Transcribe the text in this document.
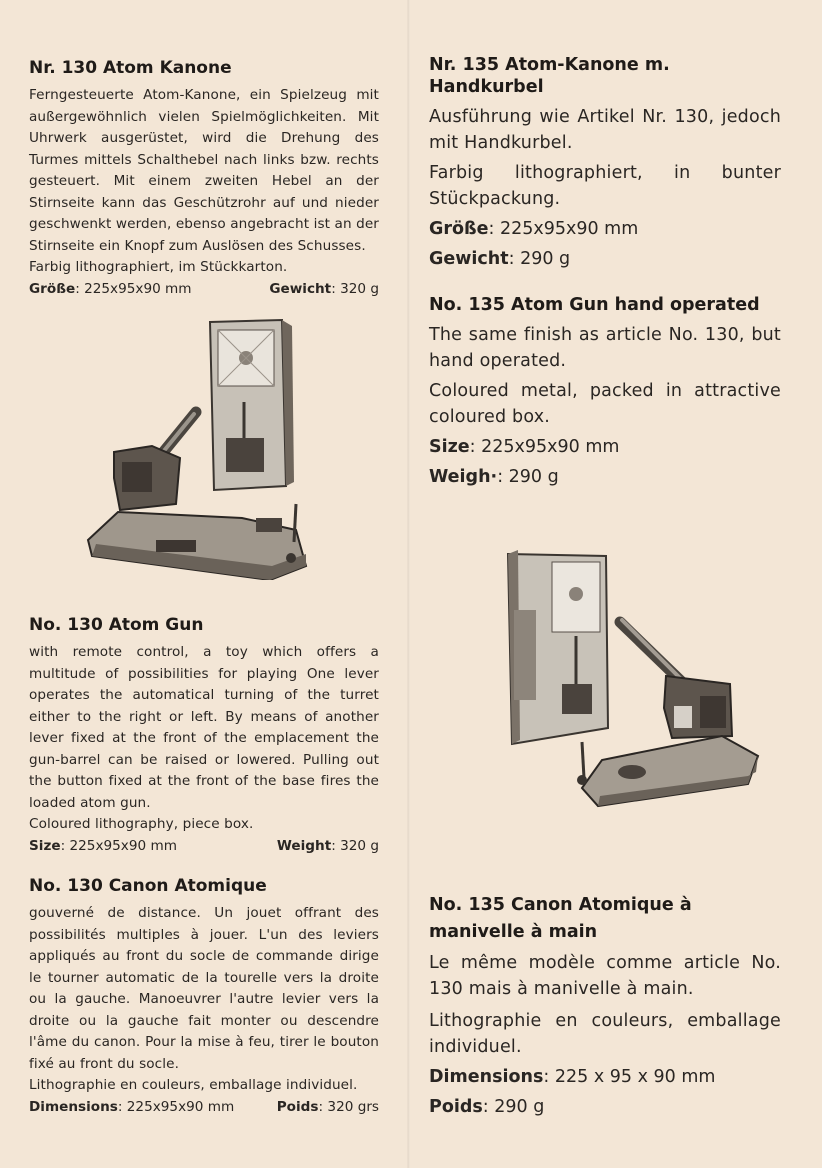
Nr. 130 Atom Kanone

Ferngesteuerte Atom-Kanone, ein Spielzeug mit außergewöhnlich vielen Spielmöglichkeiten. Mit Uhrwerk ausgerüstet, wird die Drehung des Turmes mittels Schalthebel nach links bzw. rechts gesteuert. Mit einem zweiten Hebel an der Stirnseite kann das Geschützrohr auf und nieder geschwenkt werden, ebenso angebracht ist an der Stirnseite ein Knopf zum Auslösen des Schusses.

Farbig lithographiert, im Stückkarton.

Größe: 225x95x90 mm	Gewicht: 320 g
No. 130 Atom Gun

with remote control, a toy which offers a multitude of possibilities for playing One lever operates the automatical turning of the turret either to the right or left. By means of another lever fixed at the front of the emplacement the gun-barrel can be raised or lowered. Pulling out the button fixed at the front of the base fires the loaded atom gun.

Coloured lithography, piece box.

Size: 225x95x90 mm	Weight: 320 g
No. 130 Canon Atomique

gouverné de distance. Un jouet offrant des possibilités multiples à jouer. L'un des leviers appliqués au front du socle de commande dirige le tourner automatic de la tourelle vers la droite ou la gauche. Manoeuvrer l'autre levier vers la droite ou la gauche fait monter ou descendre l'âme du canon. Pour la mise à feu, tirer le bouton fixé au front du socle.

Lithographie en couleurs, emballage individuel.

Dimensions: 225x95x90 mm	Poids: 320 grs
Nr. 135 Atom-Kanone m. Handkurbel

Ausführung wie Artikel Nr. 130, jedoch mit Handkurbel.

Farbig lithographiert, in bunter Stückpackung.

Größe: 225x95x90 mm

Gewicht: 290 g

No. 135 Atom Gun hand operated

The same finish as article No. 130, but hand operated.

Coloured metal, packed in attractive coloured box.

Size: 225x95x90 mm

Weigh·: 290 g

No. 135 Canon Atomique à manivelle à main

Le même modèle comme article No. 130 mais à manivelle à main.

Lithographie en couleurs, emballage individuel.

Dimensions: 225 x 95 x 90 mm

Poids: 290 g
